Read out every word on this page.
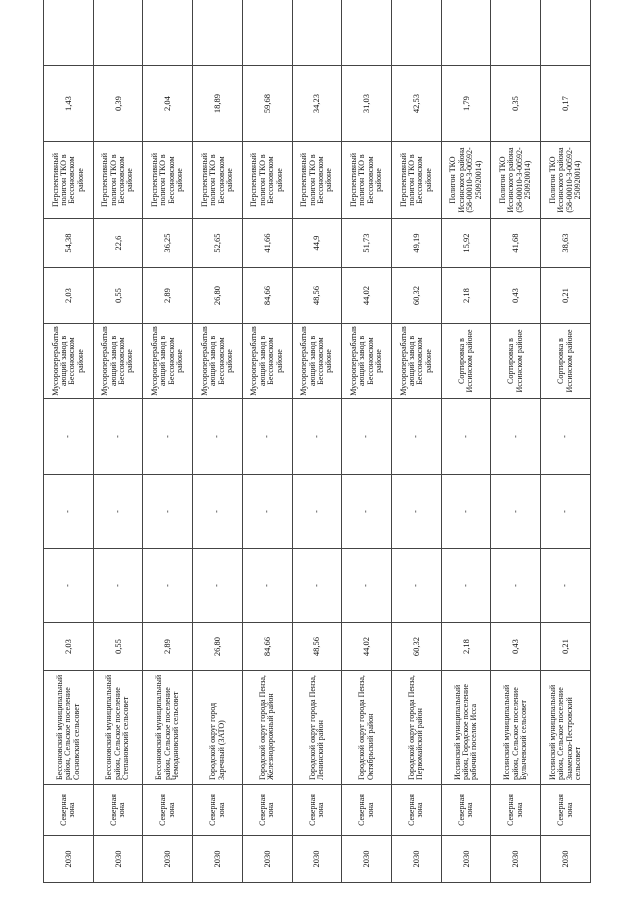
2030	Северная зона	Бессоновский муниципальный район, Сельское поселение Сосновский сельсовет	2,03	-	-	-	Мусороперерабатывающий завод в Бессоновском районе	2,03	54,38	Перспективный полигон ТКО в Бессоновском районе	1,43	
2030	Северная зона	Бессоновский муниципальный район, Сельское поселение Степановский сельсовет	0,55	-	-	-	Мусороперерабатывающий завод в Бессоновском районе	0,55	22,6	Перспективный полигон ТКО в Бессоновском районе	0,39	
2030	Северная зона	Бессоновский муниципальный район, Сельское поселение Чемодановский сельсовет	2,89	-	-	-	Мусороперерабатывающий завод в Бессоновском районе	2,89	36,25	Перспективный полигон ТКО в Бессоновском районе	2,04	
2030	Северная зона	Городской округ город Заречный (ЗАТО)	26,80	-	-	-	Мусороперерабатывающий завод в Бессоновском районе	26,80	52,65	Перспективный полигон ТКО в Бессоновском районе	18,89	
2030	Северная зона	Городской округ города Пенза, Железнодорожный район	84,66	-	-	-	Мусороперерабатывающий завод в Бессоновском районе	84,66	41,66	Перспективный полигон ТКО в Бессоновском районе	59,68	
2030	Северная зона	Городской округ города Пенза, Ленинский район	48,56	-	-	-	Мусороперерабатывающий завод в Бессоновском районе	48,56	44,9	Перспективный полигон ТКО в Бессоновском районе	34,23	
2030	Северная зона	Городской округ города Пенза, Октябрьский район	44,02	-	-	-	Мусороперерабатывающий завод в Бессоновском районе	44,02	51,73	Перспективный полигон ТКО в Бессоновском районе	31,03	
2030	Северная зона	Городской округ города Пенза, Первомайский район	60,32	-	-	-	Мусороперерабатывающий завод в Бессоновском районе	60,32	49,19	Перспективный полигон ТКО в Бессоновском районе	42,53	
2030	Северная зона	Иссинский муниципальный район, Городское поселение рабочий поселок Исса	2,18	-	-	-	Сортировка в Иссинском районе	2,18	15,92	Полигон ТКО Иссинского района (58-00010-З-00592-250920014)	1,79	
2030	Северная зона	Иссинский муниципальный район, Сельское поселение Булычевский сельсовет	0,43	-	-	-	Сортировка в Иссинском районе	0,43	41,68	Полигон ТКО Иссинского района (58-00010-З-00592-250920014)	0,35	
2030	Северная зона	Иссинский муниципальный район, Сельское поселение Знаменско-Пестровский сельсовет	0,21	-	-	-	Сортировка в Иссинском районе	0,21	38,63	Полигон ТКО Иссинского района (58-00010-З-00592-250920014)	0,17	
